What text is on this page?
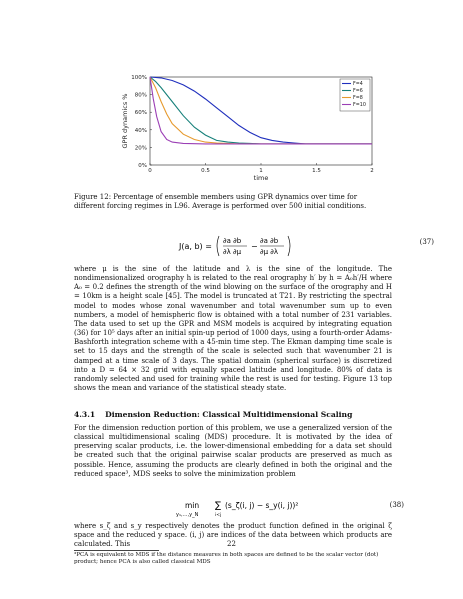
0	0.5	1	1.5	2
0%
20%
40%
60%
80%
100%
time
GPR dynamics %
F=4
F=6
F=8
F=10
Figure 12: Percentage of ensemble members using GPR dynamics over time for different forcing regimes in L96. Average is performed over 500 initial conditions.
J(a, b) =
∂a ∂b
∂λ ∂μ
−
∂a ∂b
∂μ ∂λ
(37)
where μ is the sine of the latitude and λ is the sine of the longitude. The nondimensionalized orography h is related to the real orography h′ by h = A₀h′/H where A₀ = 0.2 defines the strength of the wind blowing on the surface of the orography and H = 10km is a height scale [45]. The model is truncated at T21. By restricting the spectral model to modes whose zonal wavenumber and total wavenumber sum up to even numbers, a model of hemispheric flow is obtained with a total number of 231 variables. The data used to set up the GPR and MSM models is acquired by integrating equation (36) for 10⁵ days after an initial spin-up period of 1000 days, using a fourth-order Adams-Bashforth integration scheme with a 45-min time step. The Ekman damping time scale is set to 15 days and the strength of the scale is selected such that wavenumber 21 is damped at a time scale of 3 days. The spatial domain (spherical surface) is discretized into a D = 64 × 32 grid with equally spaced latitude and longitude. 80% of data is randomly selected and used for training while the rest is used for testing. Figure 13 top shows the mean and variance of the statistical steady state.
4.3.1 Dimension Reduction: Classical Multidimensional Scaling
For the dimension reduction portion of this problem, we use a generalized version of the classical multidimensional scaling (MDS) procedure. It is motivated by the idea of preserving scalar products, i.e. the lower-dimensional embedding for a data set should be created such that the original pairwise scalar products are preserved as much as possible. Hence, assuming the products are clearly defined in both the original and the reduced space³, MDS seeks to solve the minimization problem
min
y₁,…,y_N
∑
i<j
(s_ζ(i, j) − s_y(i, j))²	(38)
where s_ζ and s_y respectively denotes the product function defined in the original ζ space and the reduced y space. (i, j) are indices of the data between which products are calculated. This
³PCA is equivalent to MDS if the distance measures in both spaces are defined to be the scalar vector (dot) product; hence PCA is also called classical MDS
22
